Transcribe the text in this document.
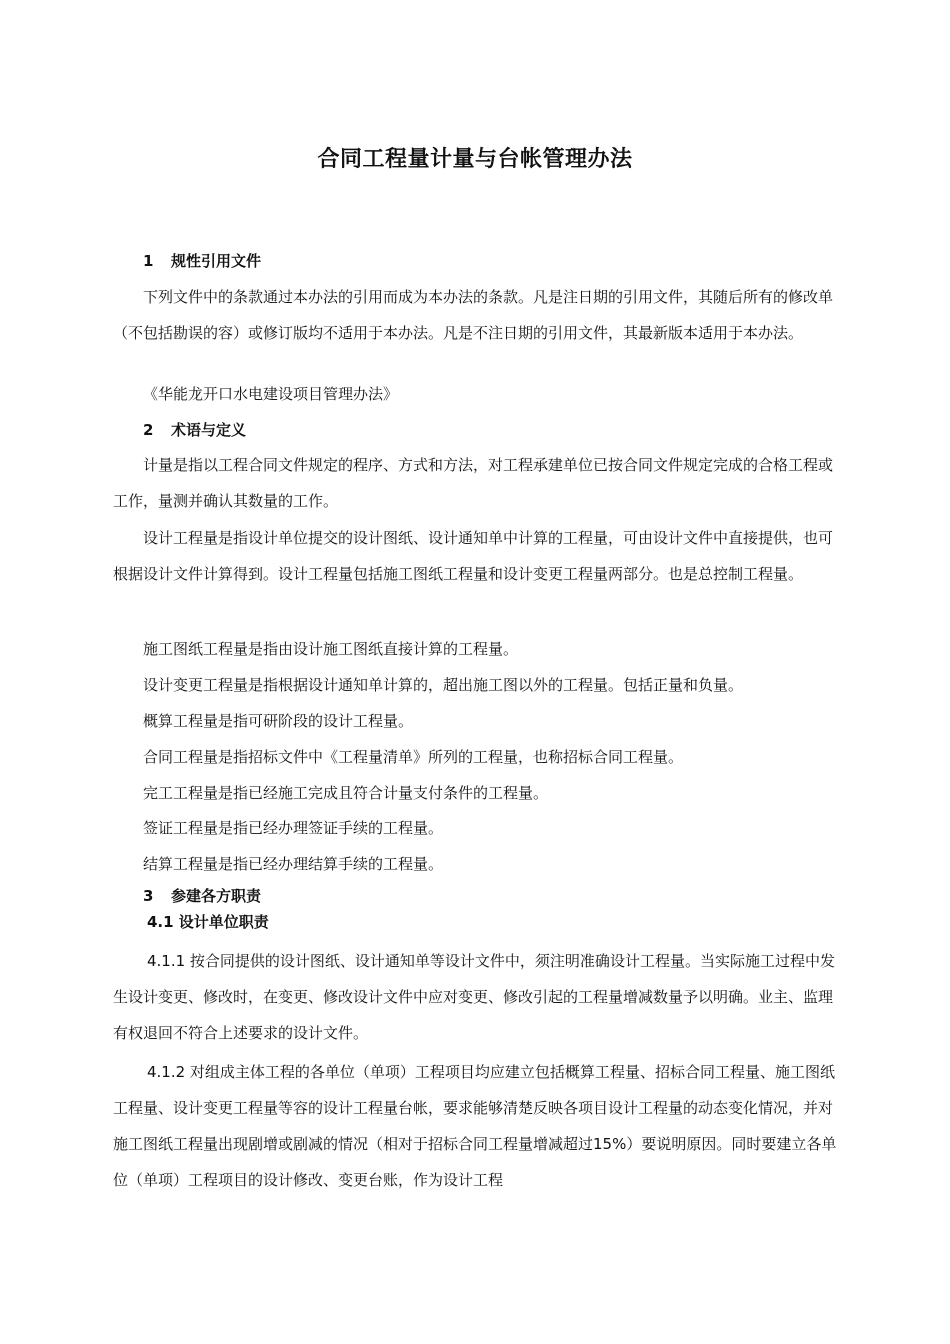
合同工程量计量与台帐管理办法
1 规性引用文件
下列文件中的条款通过本办法的引用而成为本办法的条款。凡是注日期的引用文件，其随后所有的修改单（不包括勘误的容）或修订版均不适用于本办法。凡是不注日期的引用文件，其最新版本适用于本办法。
《华能龙开口水电建设项目管理办法》
2 术语与定义
计量是指以工程合同文件规定的程序、方式和方法，对工程承建单位已按合同文件规定完成的合格工程或工作，量测并确认其数量的工作。
设计工程量是指设计单位提交的设计图纸、设计通知单中计算的工程量，可由设计文件中直接提供，也可根据设计文件计算得到。设计工程量包括施工图纸工程量和设计变更工程量两部分。也是总控制工程量。
施工图纸工程量是指由设计施工图纸直接计算的工程量。
设计变更工程量是指根据设计通知单计算的，超出施工图以外的工程量。包括正量和负量。
概算工程量是指可研阶段的设计工程量。
合同工程量是指招标文件中《工程量清单》所列的工程量，也称招标合同工程量。
完工工程量是指已经施工完成且符合计量支付条件的工程量。
签证工程量是指已经办理签证手续的工程量。
结算工程量是指已经办理结算手续的工程量。
3 参建各方职责
4.1 设计单位职责
4.1.1 按合同提供的设计图纸、设计通知单等设计文件中，须注明准确设计工程量。当实际施工过程中发生设计变更、修改时，在变更、修改设计文件中应对变更、修改引起的工程量增减数量予以明确。业主、监理有权退回不符合上述要求的设计文件。
4.1.2 对组成主体工程的各单位（单项）工程项目均应建立包括概算工程量、招标合同工程量、施工图纸工程量、设计变更工程量等容的设计工程量台帐，要求能够清楚反映各项目设计工程量的动态变化情况，并对施工图纸工程量出现剧增或剧减的情况（相对于招标合同工程量增减超过15%）要说明原因。同时要建立各单位（单项）工程项目的设计修改、变更台账，作为设计工程
